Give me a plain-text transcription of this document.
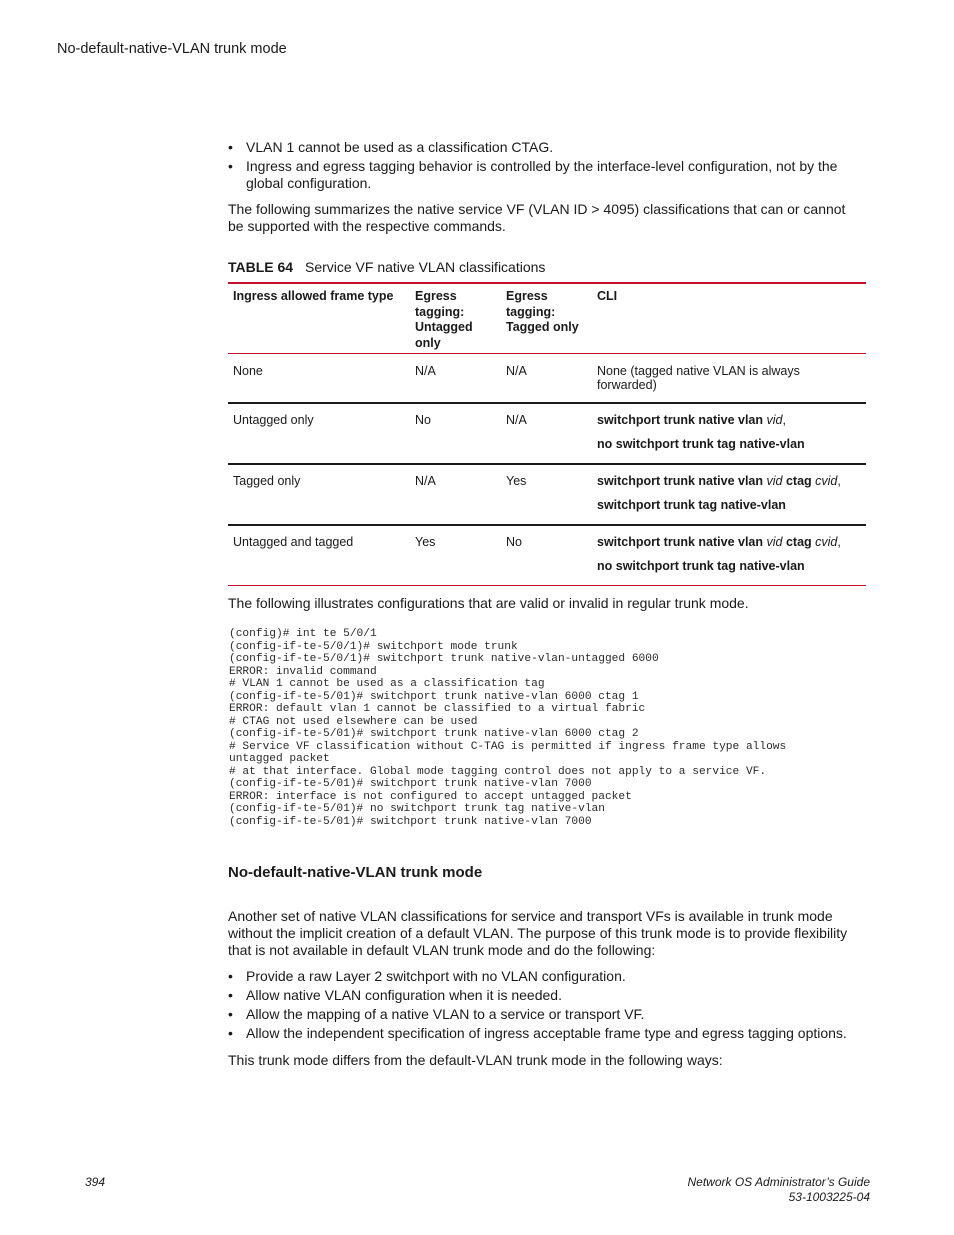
No-default-native-VLAN trunk mode
• VLAN 1 cannot be used as a classification CTAG.
• Ingress and egress tagging behavior is controlled by the interface-level configuration, not by the global configuration.
The following summarizes the native service VF (VLAN ID > 4095) classifications that can or cannot be supported with the respective commands.
TABLE 64 Service VF native VLAN classifications
Ingress allowed frame type	Egress tagging: Untagged only	Egress tagging: Tagged only	CLI
None	N/A	N/A	None (tagged native VLAN is always forwarded)
Untagged only	No	N/A	switchport trunk native vlan vid,
no switchport trunk tag native-vlan

Tagged only	N/A	Yes	switchport trunk native vlan vid ctag cvid,
switchport trunk tag native-vlan

Untagged and tagged	Yes	No	switchport trunk native vlan vid ctag cvid,
no switchport trunk tag native-vlan
The following illustrates configurations that are valid or invalid in regular trunk mode.
(config)# int te 5/0/1
(config-if-te-5/0/1)# switchport mode trunk
(config-if-te-5/0/1)# switchport trunk native-vlan-untagged 6000
ERROR: invalid command
# VLAN 1 cannot be used as a classification tag
(config-if-te-5/01)# switchport trunk native-vlan 6000 ctag 1
ERROR: default vlan 1 cannot be classified to a virtual fabric
# CTAG not used elsewhere can be used
(config-if-te-5/01)# switchport trunk native-vlan 6000 ctag 2
# Service VF classification without C-TAG is permitted if ingress frame type allows
untagged packet
# at that interface. Global mode tagging control does not apply to a service VF.
(config-if-te-5/01)# switchport trunk native-vlan 7000
ERROR: interface is not configured to accept untagged packet
(config-if-te-5/01)# no switchport trunk tag native-vlan
(config-if-te-5/01)# switchport trunk native-vlan 7000
No-default-native-VLAN trunk mode
Another set of native VLAN classifications for service and transport VFs is available in trunk mode without the implicit creation of a default VLAN. The purpose of this trunk mode is to provide flexibility that is not available in default VLAN trunk mode and do the following:
• Provide a raw Layer 2 switchport with no VLAN configuration.
• Allow native VLAN configuration when it is needed.
• Allow the mapping of a native VLAN to a service or transport VF.
• Allow the independent specification of ingress acceptable frame type and egress tagging options.
This trunk mode differs from the default-VLAN trunk mode in the following ways:
394	Network OS Administrator’s Guide
53-1003225-04
